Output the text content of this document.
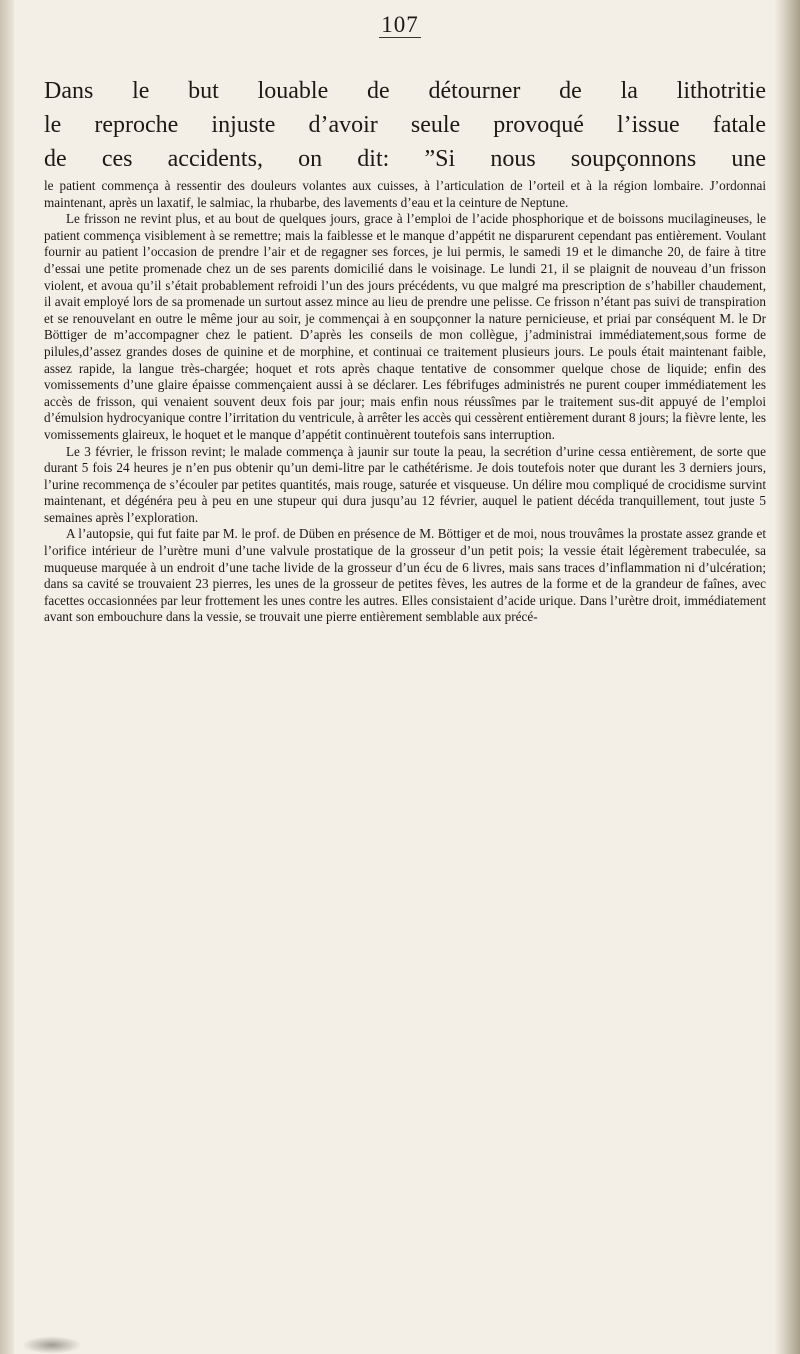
107

Dans le but louable de détourner de la lithotritie

le reproche injuste d’avoir seule provoqué l’issue fatale

de ces accidents, on dit: ”Si nous soupçonnons une

le patient commença à ressentir des douleurs volantes aux cuisses, à l’articulation de l’orteil et à la région lombaire. J’ordonnai maintenant, après un laxatif, le salmiac, la rhubarbe, des lavements d’eau et la ceinture de Neptune.

Le frisson ne revint plus, et au bout de quelques jours, grace à l’emploi de l’acide phosphorique et de boissons mucilagineuses, le patient commença visiblement à se remettre; mais la faiblesse et le manque d’appétit ne disparurent cependant pas entièrement. Voulant fournir au patient l’occasion de prendre l’air et de regagner ses forces, je lui permis, le samedi 19 et le dimanche 20, de faire à titre d’essai une petite promenade chez un de ses parents domicilié dans le voisinage. Le lundi 21, il se plaignit de nouveau d’un frisson violent, et avoua qu’il s’était probablement refroidi l’un des jours précédents, vu que malgré ma prescription de s’habiller chaudement, il avait employé lors de sa promenade un surtout assez mince au lieu de prendre une pelisse. Ce frisson n’étant pas suivi de transpiration et se renouvelant en outre le même jour au soir, je commençai à en soupçonner la nature pernicieuse, et priai par conséquent M. le Dr Böttiger de m’accompagner chez le patient. D’après les conseils de mon collègue, j’administrai immédiatement,sous forme de pilules,d’assez grandes doses de quinine et de morphine, et continuai ce traitement plusieurs jours. Le pouls était maintenant faible, assez rapide, la langue très-chargée; hoquet et rots après chaque tentative de consommer quelque chose de liquide; enfin des vomissements d’une glaire épaisse commençaient aussi à se déclarer. Les fébrifuges administrés ne purent couper immédiatement les accès de frisson, qui venaient souvent deux fois par jour; mais enfin nous réussîmes par le traitement sus-dit appuyé de l’emploi d’émulsion hydrocyanique contre l’irritation du ventricule, à arrêter les accès qui cessèrent entièrement durant 8 jours; la fièvre lente, les vomissements glaireux, le hoquet et le manque d’appétit continuèrent toutefois sans interruption.

Le 3 février, le frisson revint; le malade commença à jaunir sur toute la peau, la secrétion d’urine cessa entièrement, de sorte que durant 5 fois 24 heures je n’en pus obtenir qu’un demi-litre par le cathétérisme. Je dois toutefois noter que durant les 3 derniers jours, l’urine recommença de s’écouler par petites quantités, mais rouge, saturée et visqueuse. Un délire mou compliqué de crocidisme survint maintenant, et dégénéra peu à peu en une stupeur qui dura jusqu’au 12 février, auquel le patient décéda tranquillement, tout juste 5 semaines après l’exploration.

A l’autopsie, qui fut faite par M. le prof. de Düben en présence de M. Böttiger et de moi, nous trouvâmes la prostate assez grande et l’orifice intérieur de l’urètre muni d’une valvule prostatique de la grosseur d’un petit pois; la vessie était légèrement trabeculée, sa muqueuse marquée à un endroit d’une tache livide de la grosseur d’un écu de 6 livres, mais sans traces d’inflammation ni d’ulcération; dans sa cavité se trouvaient 23 pierres, les unes de la grosseur de petites fèves, les autres de la forme et de la grandeur de faînes, avec facettes occasionnées par leur frottement les unes contre les autres. Elles consistaient d’acide urique. Dans l’urètre droit, immédiatement avant son embouchure dans la vessie, se trouvait une pierre entièrement semblable aux précé-
